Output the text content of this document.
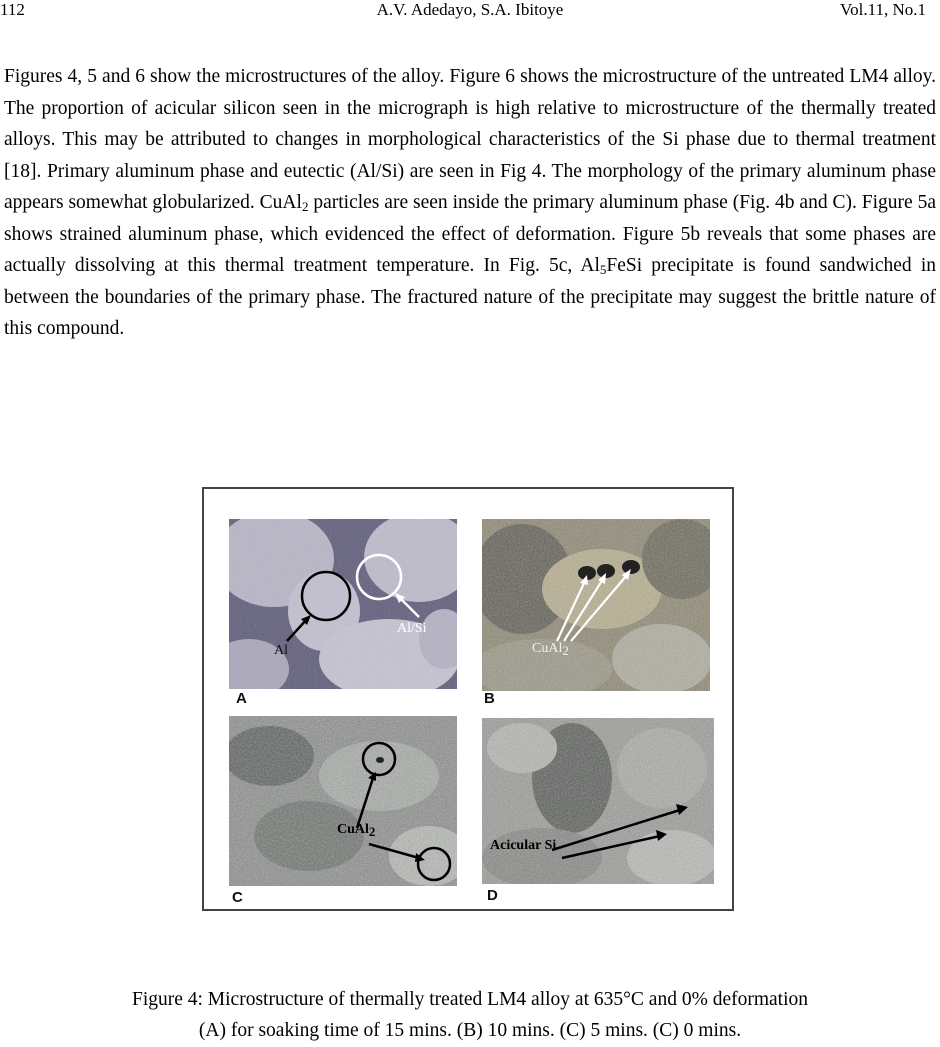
112	A.V. Adedayo, S.A. Ibitoye	Vol.11, No.1

Figures 4, 5 and 6 show the microstructures of the alloy. Figure 6 shows the microstructure of the untreated LM4 alloy. The proportion of acicular silicon seen in the micrograph is high relative to microstructure of the thermally treated alloys. This may be attributed to changes in morphological characteristics of the Si phase due to thermal treatment [18]. Primary aluminum phase and eutectic (Al/Si) are seen in Fig 4. The morphology of the primary aluminum phase appears somewhat globularized. CuAl$_2$ particles are seen inside the primary aluminum phase (Fig. 4b and C). Figure 5a shows strained aluminum phase, which evidenced the effect of deformation. Figure 5b reveals that some phases are actually dissolving at this thermal treatment temperature. In Fig. 5c, $Al_5FeSi$ precipitate is found sandwiched in between the boundaries of the primary phase. The fractured nature of the precipitate may suggest the brittle nature of this compound.

Al
Al/Si
A
CuAl$_2$
B
CuAl$_2$
C
Acicular Si
D
Figure 4: Microstructure of thermally treated LM4 alloy at 635°C and 0% deformation
(A) for soaking time of 15 mins. (B) 10 mins. (C) 5 mins. (C) 0 mins.
